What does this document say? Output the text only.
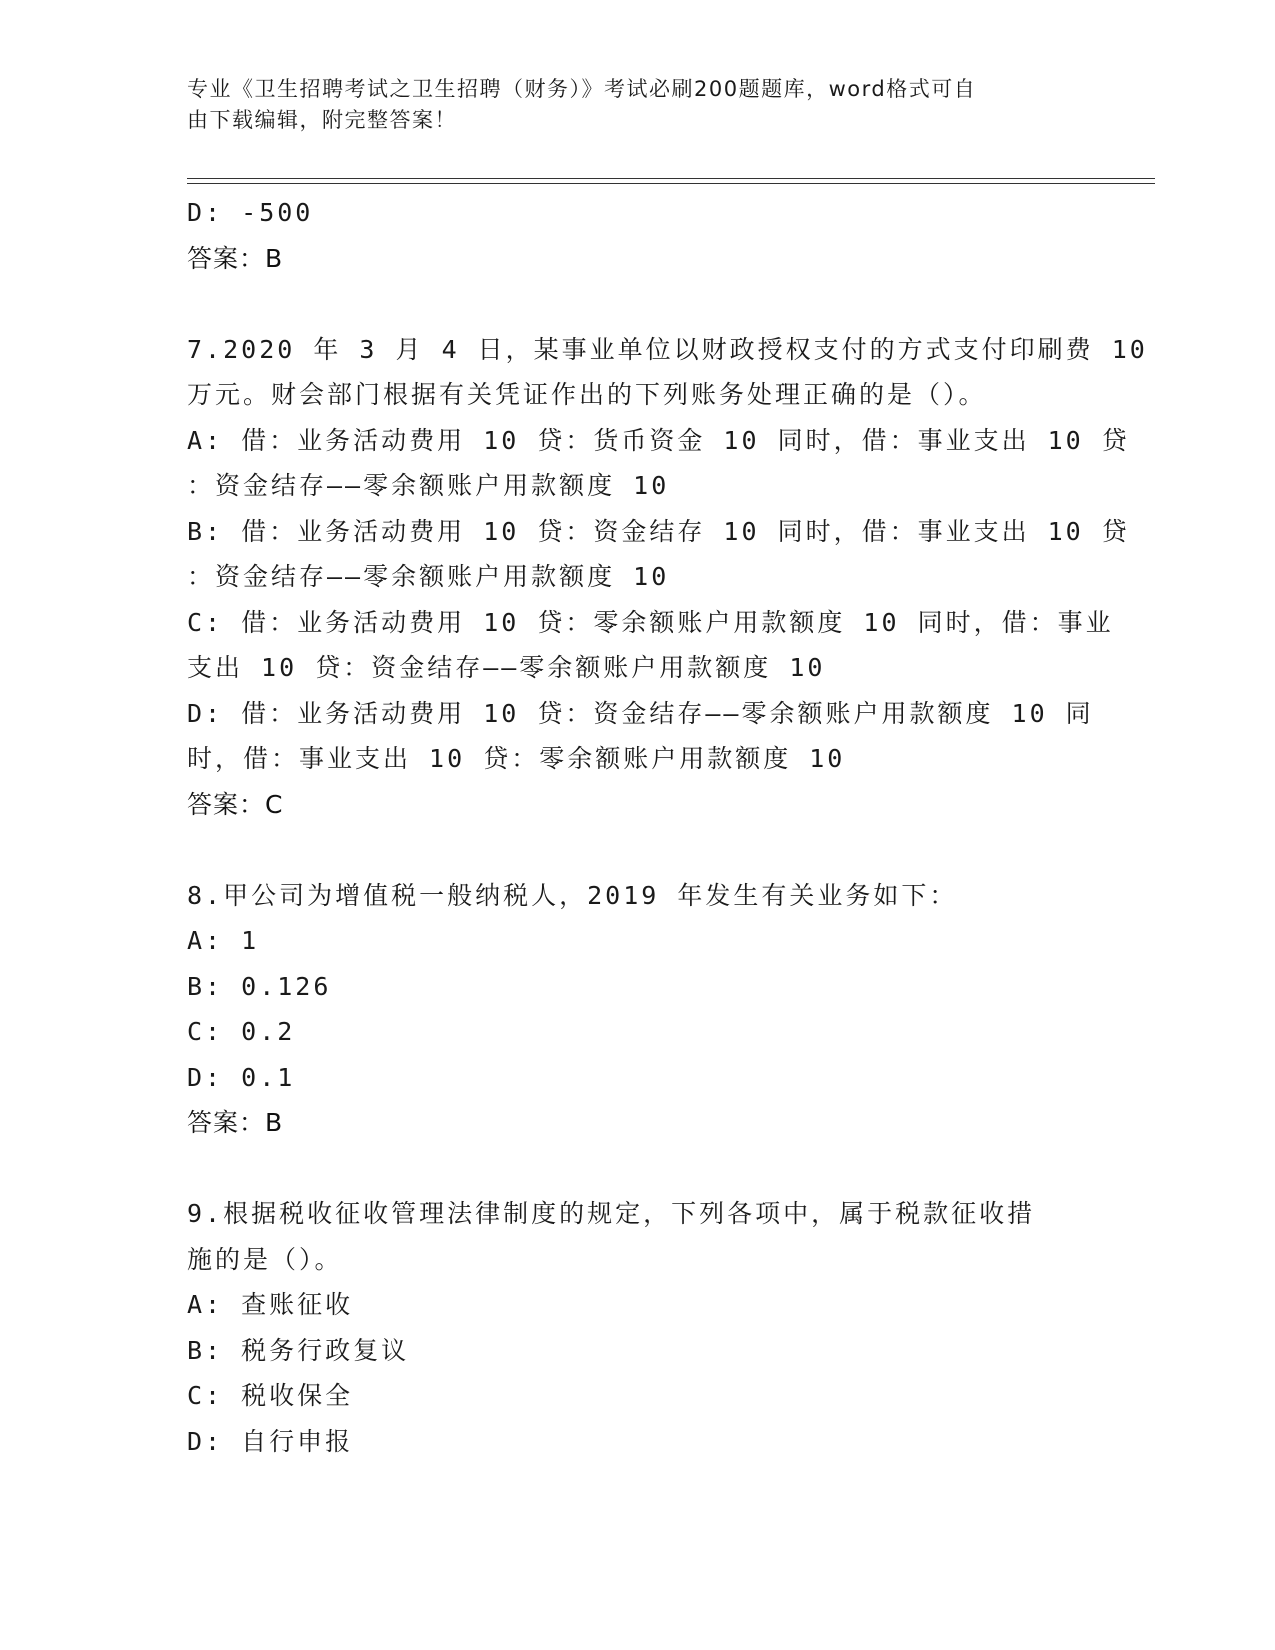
专业《卫生招聘考试之卫生招聘（财务）》考试必刷200题题库，word格式可自
由下载编辑，附完整答案！
D: -500
答案：B
7.2020 年 3 月 4 日，某事业单位以财政授权支付的方式支付印刷费 10
万元。财会部门根据有关凭证作出的下列账务处理正确的是（）。
A: 借：业务活动费用 10 贷：货币资金 10 同时，借：事业支出 10 贷
：资金结存——零余额账户用款额度 10
B: 借：业务活动费用 10 贷：资金结存 10 同时，借：事业支出 10 贷
：资金结存——零余额账户用款额度 10
C: 借：业务活动费用 10 贷：零余额账户用款额度 10 同时，借：事业
支出 10 贷：资金结存——零余额账户用款额度 10
D: 借：业务活动费用 10 贷：资金结存——零余额账户用款额度 10 同
时，借：事业支出 10 贷：零余额账户用款额度 10
答案：C
8.甲公司为增值税一般纳税人，2019 年发生有关业务如下：
A: 1
B: 0.126
C: 0.2
D: 0.1
答案：B
9.根据税收征收管理法律制度的规定，下列各项中，属于税款征收措
施的是（）。
A: 查账征收
B: 税务行政复议
C: 税收保全
D: 自行申报
